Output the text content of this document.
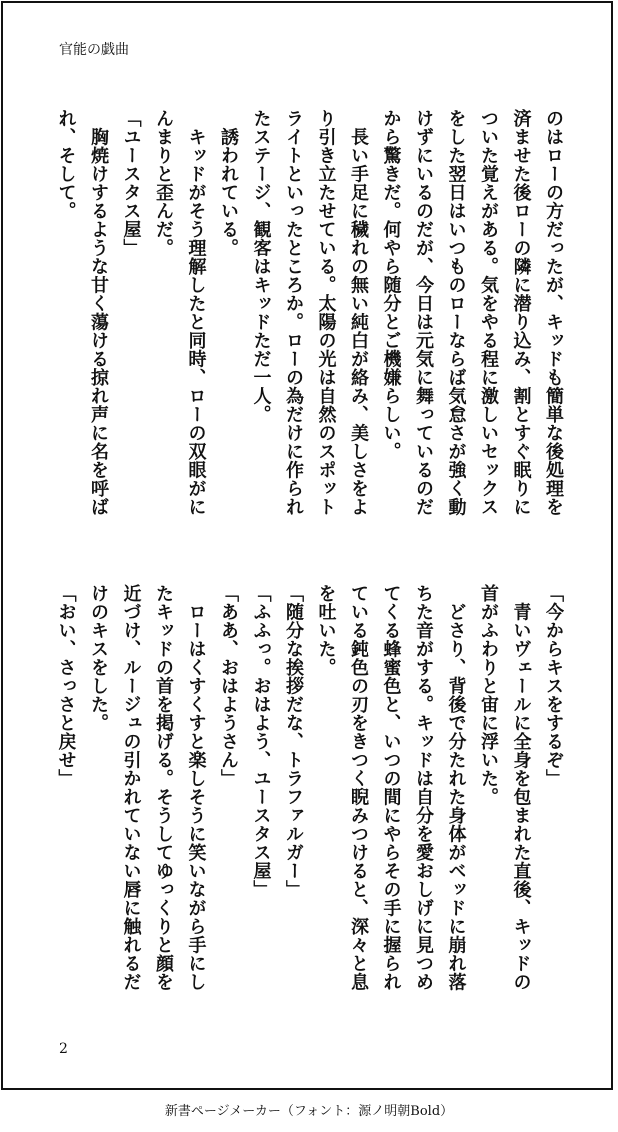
官能の戯曲
のはローの方だったが、キッドも簡単な後処理を
済ませた後ローの隣に潜り込み、割とすぐ眠りに
ついた覚えがある。気をやる程に激しいセックス
をした翌日はいつものローならば気怠さが強く動
けずにいるのだが、今日は元気に舞っているのだ
から驚きだ。何やら随分とご機嫌らしい。
　長い手足に穢れの無い純白が絡み、美しさをよ
り引き立たせている。太陽の光は自然のスポット
ライトといったところか。ローの為だけに作られ
たステージ、観客はキッドただ一人。
　誘われている。
　キッドがそう理解したと同時、ローの双眼がに
んまりと歪んだ。
「ユースタス屋」
　胸焼けするような甘く蕩ける掠れ声に名を呼ば
れ、そして。
「今からキスをするぞ」
　青いヴェールに全身を包まれた直後、キッドの
首がふわりと宙に浮いた。
　どさり、背後で分たれた身体がベッドに崩れ落
ちた音がする。キッドは自分を愛おしげに見つめ
てくる蜂蜜色と、いつの間にやらその手に握られ
ている鈍色の刃をきつく睨みつけると、深々と息
を吐いた。
「随分な挨拶だな、トラファルガー」
「ふふっ。おはよう、ユースタス屋」
「ああ、おはようさん」
　ローはくすくすと楽しそうに笑いながら手にし
たキッドの首を掲げる。そうしてゆっくりと顔を
近づけ、ルージュの引かれていない唇に触れるだ
けのキスをした。
「おい、さっさと戻せ」
2
新書ページメーカー（フォント：源ノ明朝Bold）
